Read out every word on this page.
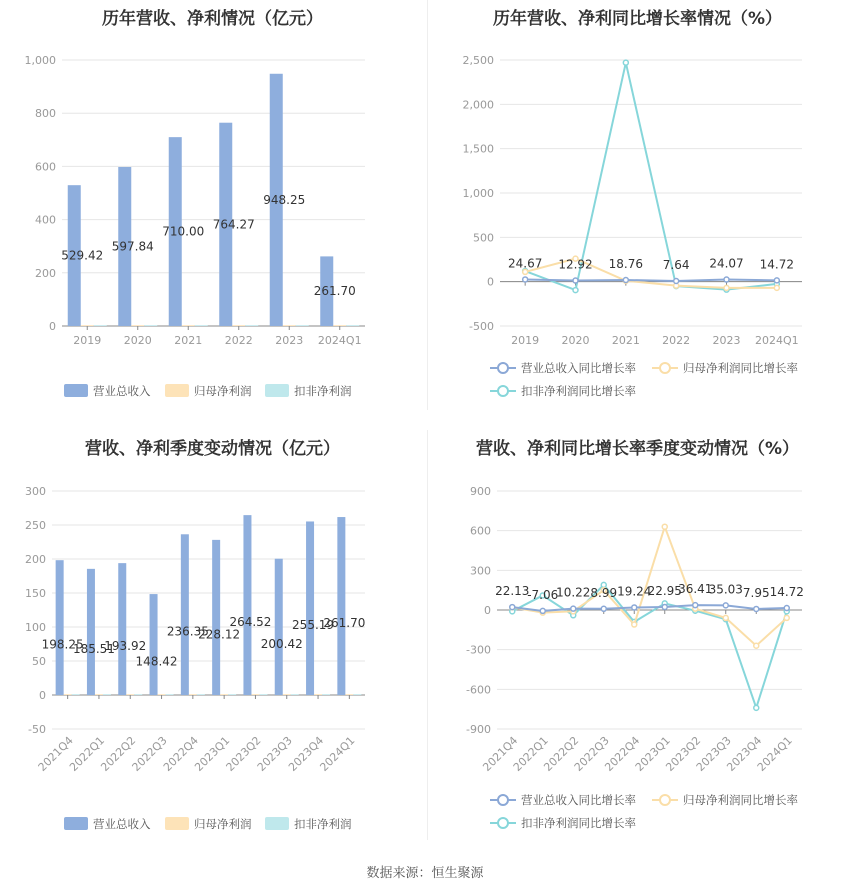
历年营收、净利情况（亿元）	历年营收、净利同比增长率情况（%）
营收、净利季度变动情况（亿元）	营收、净利同比增长率季度变动情况（%）
0
200
400
600
800
1,000
2019 2020 2021 2022 2023 2024Q1
529.42
597.84
710.00
764.27
948.25
261.70
营业总收入	归母净利润	扣非净利润
-500
0
500
1,000
1,500
2,000
2,500
2019 2020 2021 2022 2023 2024Q1
24.67 12.92 18.76 7.64 24.07 14.72
营业总收入同比增长率	归母净利润同比增长率
扣非净利润同比增长率
-50
0
50
100
150
200
250
300
2021Q4
2022Q1
2022Q2
2022Q3
2022Q4
2023Q1
2023Q2
2023Q3
2023Q4
2024Q1
198.25
185.51
193.92
148.42
236.35
228.12
264.52
200.42
255.19
261.70
营业总收入	归母净利润	扣非净利润
-900
-600
-300
0
300
600
900
2021Q4
2022Q1
2022Q2
2022Q3
2022Q4
2023Q1
2023Q2
2023Q3
2023Q4
2024Q1
22.13
-7.06
10.22 8.99 19.24
22.95
36.41
35.03 7.95 14.72
营业总收入同比增长率	归母净利润同比增长率
扣非净利润同比增长率
数据来源：恒生聚源
